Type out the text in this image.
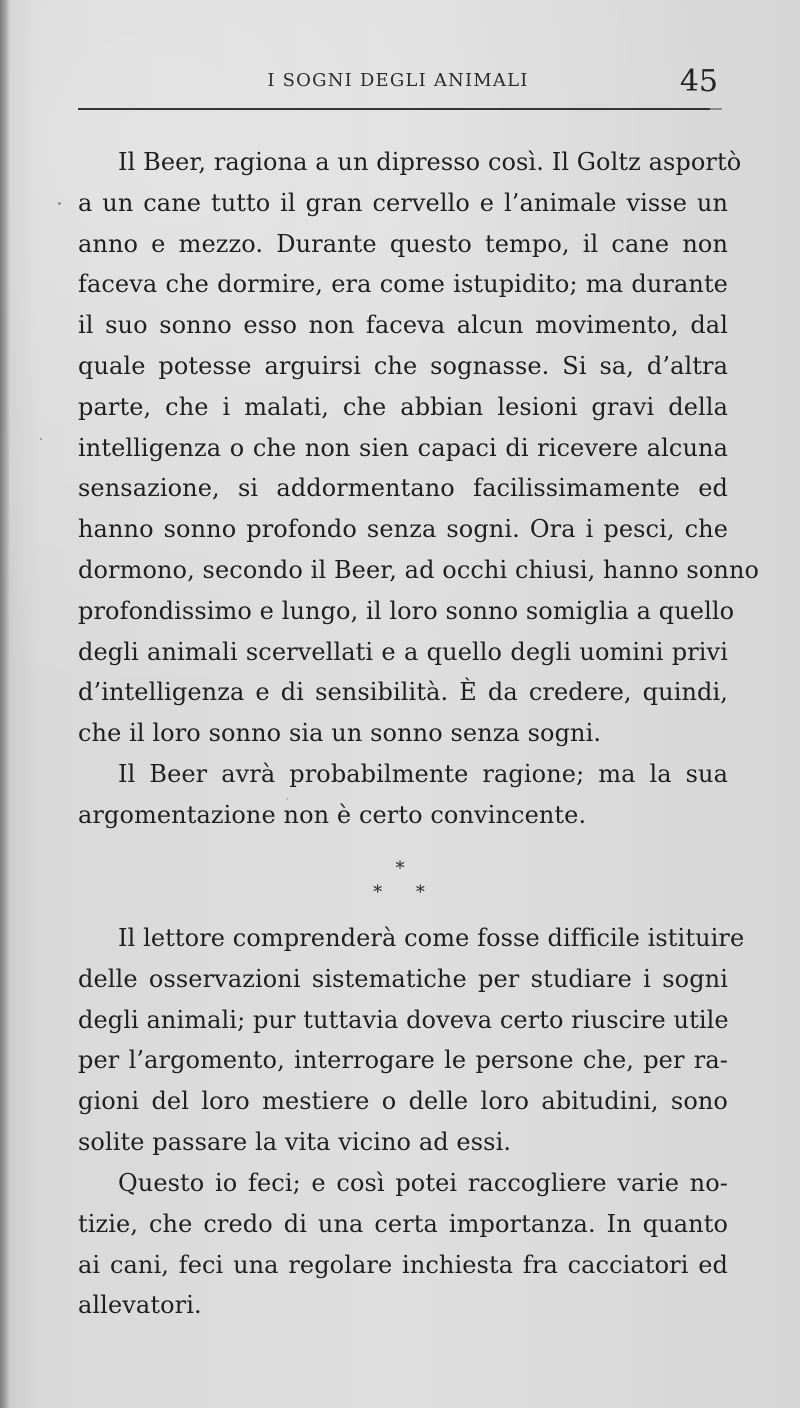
I SOGNI DEGLI ANIMALI	45
Il Beer, ragiona a un dipresso così. Il Goltz asportò
a un cane tutto il gran cervello e l’animale visse un
anno e mezzo. Durante questo tempo, il cane non
faceva che dormire, era come istupidito; ma durante
il suo sonno esso non faceva alcun movimento, dal
quale potesse arguirsi che sognasse. Si sa, d’altra
parte, che i malati, che abbian lesioni gravi della
intelligenza o che non sien capaci di ricevere alcuna
sensazione, si addormentano facilissimamente ed
hanno sonno profondo senza sogni. Ora i pesci, che
dormono, secondo il Beer, ad occhi chiusi, hanno sonno
profondissimo e lungo, il loro sonno somiglia a quello
degli animali scervellati e a quello degli uomini privi
d’intelligenza e di sensibilità. È da credere, quindi,
che il loro sonno sia un sonno senza sogni.
Il Beer avrà probabilmente ragione; ma la sua
argomentazione non è certo convincente.
*
* *
Il lettore comprenderà come fosse difficile istituire
delle osservazioni sistematiche per studiare i sogni
degli animali; pur tuttavia doveva certo riuscire utile
per l’argomento, interrogare le persone che, per ra-
gioni del loro mestiere o delle loro abitudini, sono
solite passare la vita vicino ad essi.
Questo io feci; e così potei raccogliere varie no-
tizie, che credo di una certa importanza. In quanto
ai cani, feci una regolare inchiesta fra cacciatori ed
allevatori.
